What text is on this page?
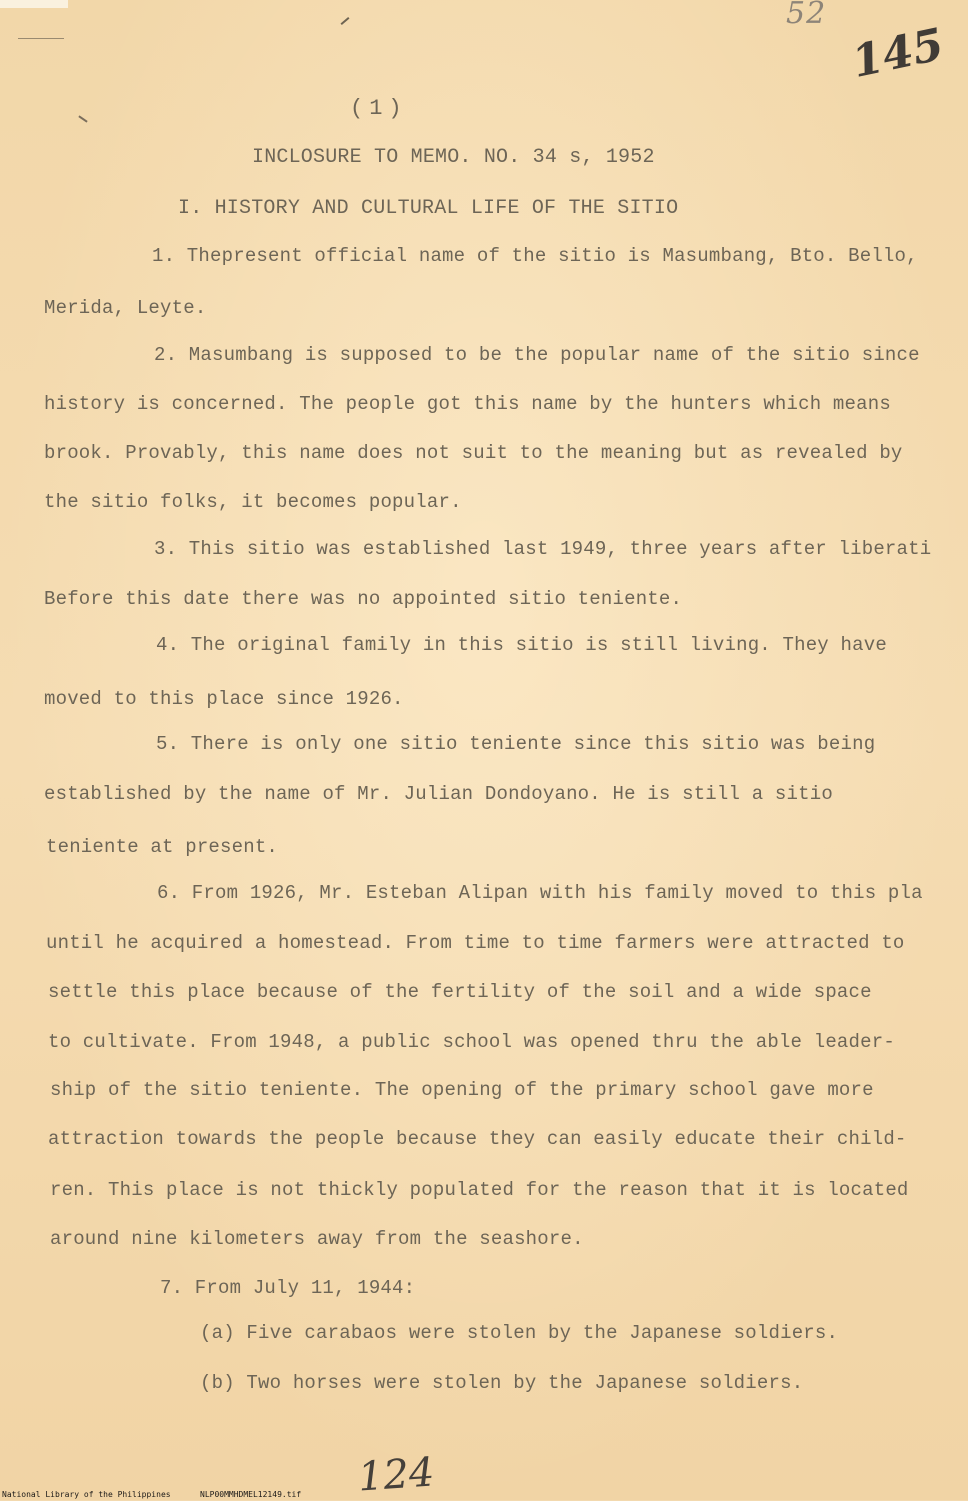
52
145
(1)
INCLOSURE TO MEMO. NO. 34 s, 1952
I. HISTORY AND CULTURAL LIFE OF THE SITIO
1. Thepresent official name of the sitio is Masumbang, Bto. Bello,
Merida, Leyte.
2. Masumbang is supposed to be the popular name of the sitio since
history is concerned. The people got this name by the hunters which means
brook. Provably, this name does not suit to the meaning but as revealed by
the sitio folks, it becomes popular.
3. This sitio was established last 1949, three years after liberati
Before this date there was no appointed sitio teniente.
4. The original family in this sitio is still living. They have
moved to this place since 1926.
5. There is only one sitio teniente since this sitio was being
established by the name of Mr. Julian Dondoyano. He is still a sitio
teniente at present.
6. From 1926, Mr. Esteban Alipan with his family moved to this pla
until he acquired a homestead. From time to time farmers were attracted to
settle this place because of the fertility of the soil and a wide space
to cultivate. From 1948, a public school was opened thru the able leader-
ship of the sitio teniente. The opening of the primary school gave more
attraction towards the people because they can easily educate their child-
ren. This place is not thickly populated for the reason that it is located
around nine kilometers away from the seashore.
7. From July 11, 1944:
(a) Five carabaos were stolen by the Japanese soldiers.
(b) Two horses were stolen by the Japanese soldiers.
124
National Library of the Philippines	NLP00MMHDMEL12149.tif
